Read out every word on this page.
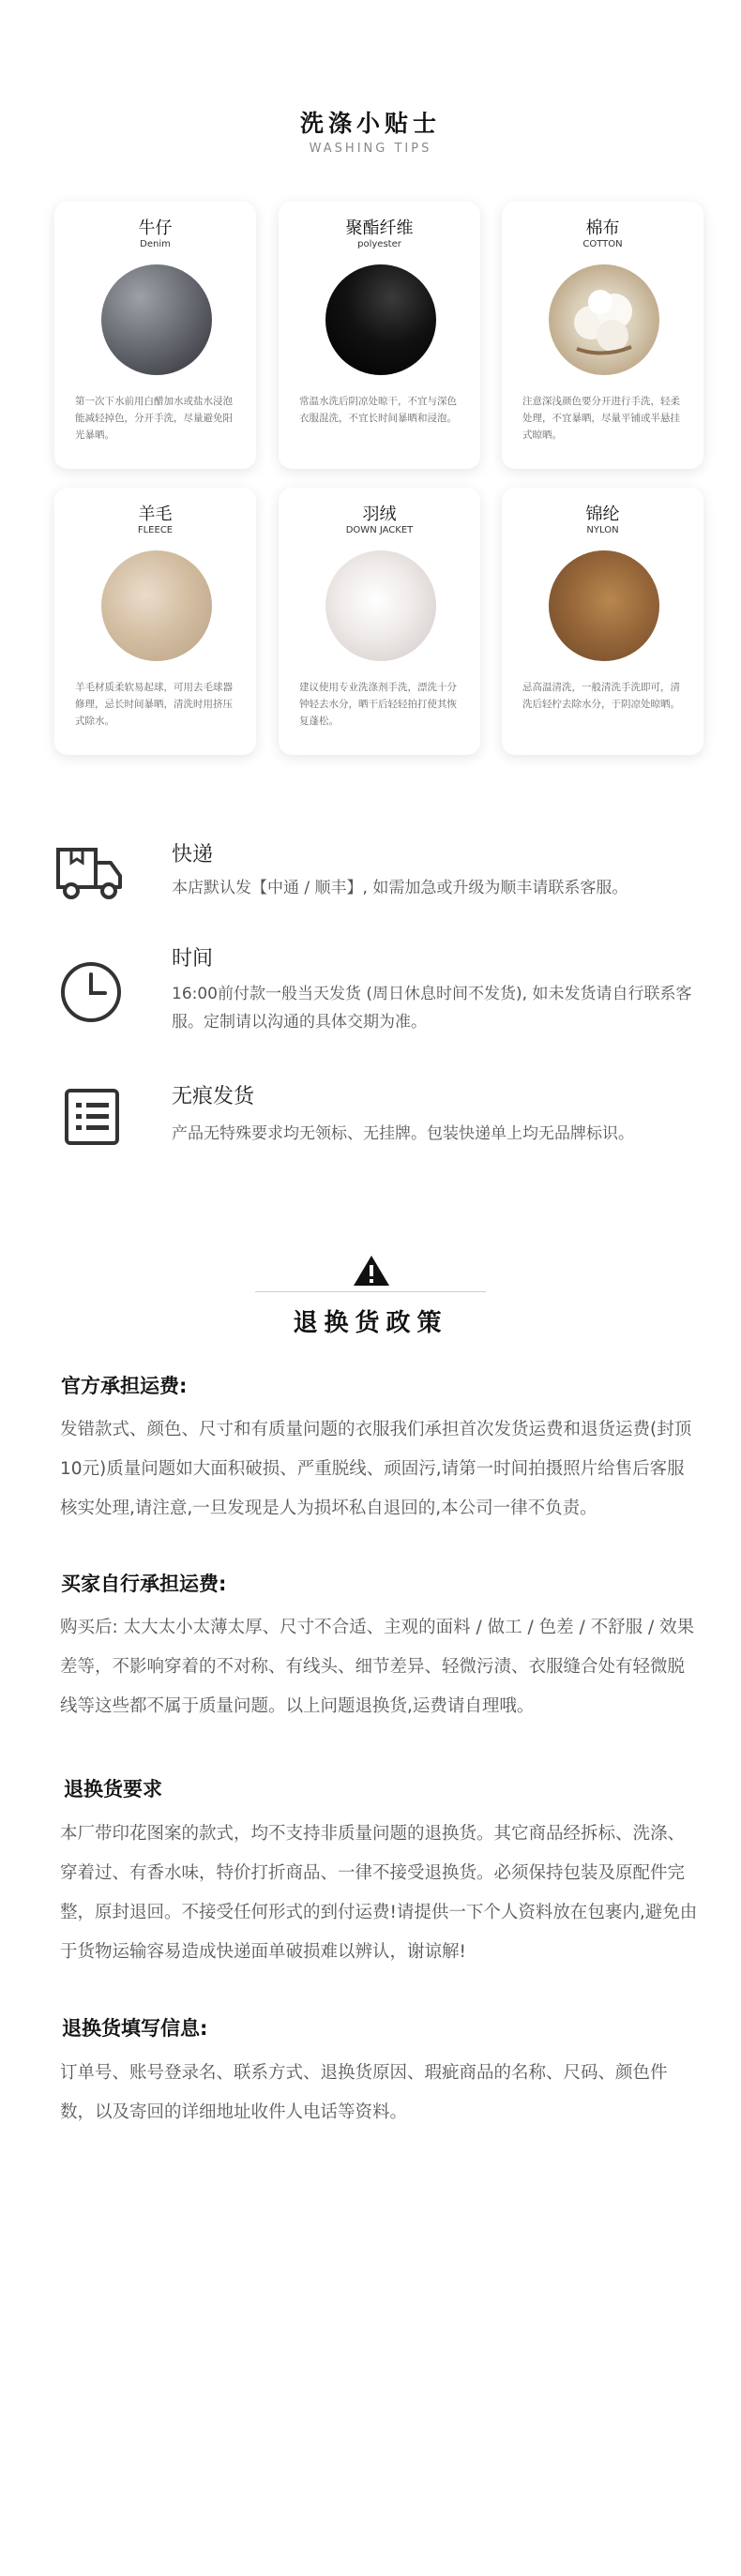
洗涤小贴士
WASHING TIPS
牛仔
Denim
第一次下水前用白醋加水或盐水浸泡能减轻掉色，分开手洗，尽量避免阳光暴晒。
聚酯纤维
polyester
常温水洗后阴凉处晾干，不宜与深色衣服混洗，不宜长时间暴晒和浸泡。
棉布
COTTON
注意深浅颜色要分开进行手洗，轻柔处理，不宜暴晒，尽量平铺或半悬挂式晾晒。
羊毛
FLEECE
羊毛材质柔软易起球，可用去毛球器修理，忌长时间暴晒，清洗时用挤压式除水。
羽绒
DOWN JACKET
建议使用专业洗涤剂手洗，漂洗十分钟轻去水分，晒干后轻轻拍打使其恢复蓬松。
锦纶
NYLON
忌高温清洗，一般清洗手洗即可，清洗后轻柠去除水分，于阴凉处晾晒。
快递
本店默认发【中通 / 顺丰】, 如需加急或升级为顺丰请联系客服。
时间
16:00前付款一般当天发货 (周日休息时间不发货), 如未发货请自行联系客服。定制请以沟通的具体交期为准。
无痕发货
产品无特殊要求均无领标、无挂牌。包装快递单上均无品牌标识。
退换货政策
官方承担运费:
发错款式、颜色、尺寸和有质量问题的衣服我们承担首次发货运费和退货运费(封顶10元)质量问题如大面积破损、严重脱线、顽固污,请第一时间拍摄照片给售后客服核实处理,请注意,一旦发现是人为损坏私自退回的,本公司一律不负责。
买家自行承担运费:
购买后: 太大太小太薄太厚、尺寸不合适、主观的面料 / 做工 / 色差 / 不舒服 / 效果差等，不影响穿着的不对称、有线头、细节差异、轻微污渍、衣服缝合处有轻微脱线等这些都不属于质量问题。以上问题退换货,运费请自理哦。
退换货要求
本厂带印花图案的款式，均不支持非质量问题的退换货。其它商品经拆标、洗涤、穿着过、有香水味，特价打折商品、一律不接受退换货。必须保持包装及原配件完整，原封退回。不接受任何形式的到付运费!请提供一下个人资料放在包裹内,避免由于货物运输容易造成快递面单破损难以辨认，谢谅解!
退换货填写信息:
订单号、账号登录名、联系方式、退换货原因、瑕疵商品的名称、尺码、颜色件数，以及寄回的详细地址收件人电话等资料。
